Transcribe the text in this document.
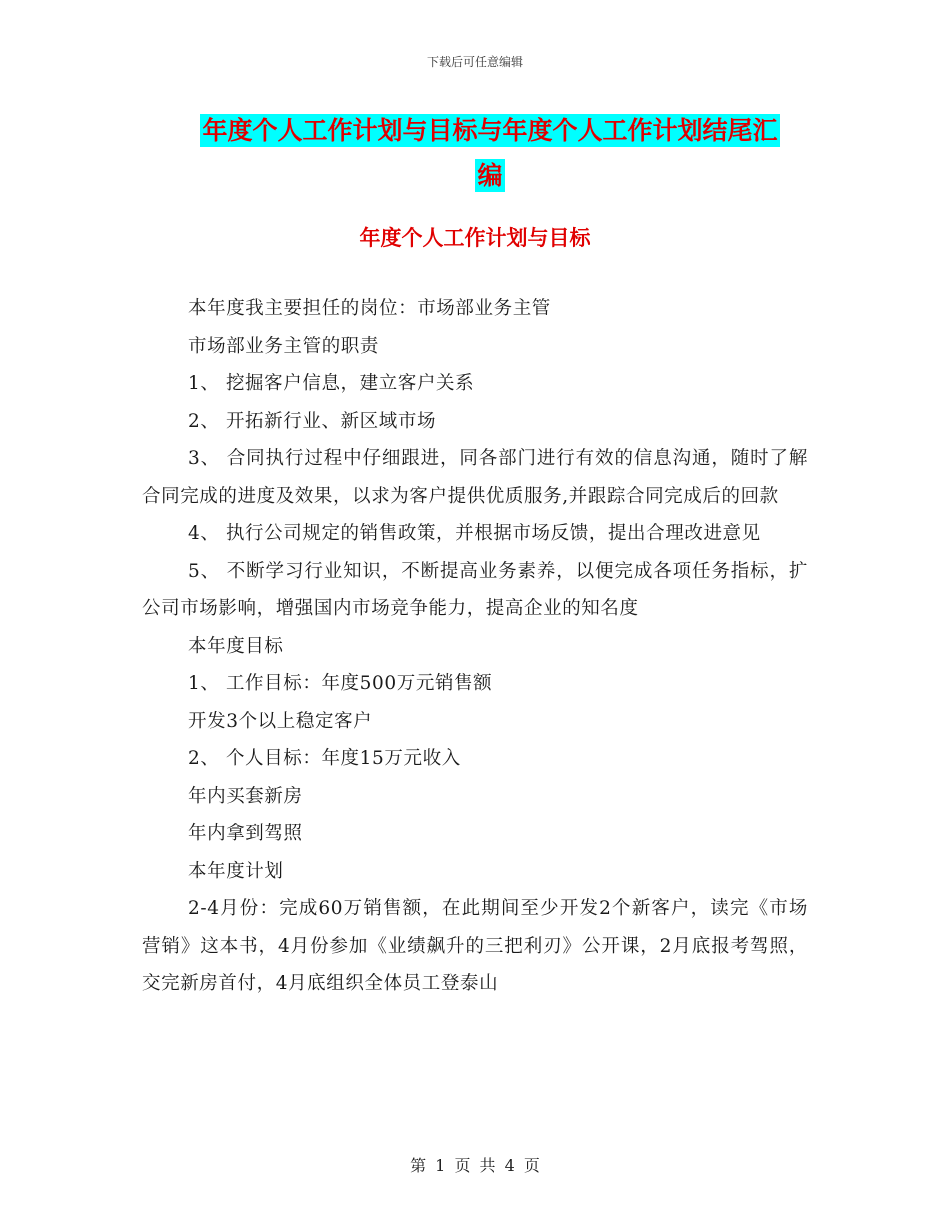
下载后可任意编辑
年度个人工作计划与目标与年度个人工作计划结尾汇
编
年度个人工作计划与目标

本年度我主要担任的岗位：市场部业务主管

市场部业务主管的职责

1、 挖掘客户信息，建立客户关系

2、 开拓新行业、新区域市场

3、 合同执行过程中仔细跟进，同各部门进行有效的信息沟通，随时了解合同完成的进度及效果，以求为客户提供优质服务,并跟踪合同完成后的回款

4、 执行公司规定的销售政策，并根据市场反馈，提出合理改进意见

5、 不断学习行业知识，不断提高业务素养，以便完成各项任务指标，扩公司市场影响，增强国内市场竞争能力，提高企业的知名度

本年度目标

1、 工作目标：年度500万元销售额

开发3个以上稳定客户

2、 个人目标：年度15万元收入

年内买套新房

年内拿到驾照

本年度计划

2-4月份：完成60万销售额，在此期间至少开发2个新客户，读完《市场营销》这本书，4月份参加《业绩飙升的三把利刃》公开课，2月底报考驾照，交完新房首付，4月底组织全体员工登泰山

第 1 页 共 4 页
